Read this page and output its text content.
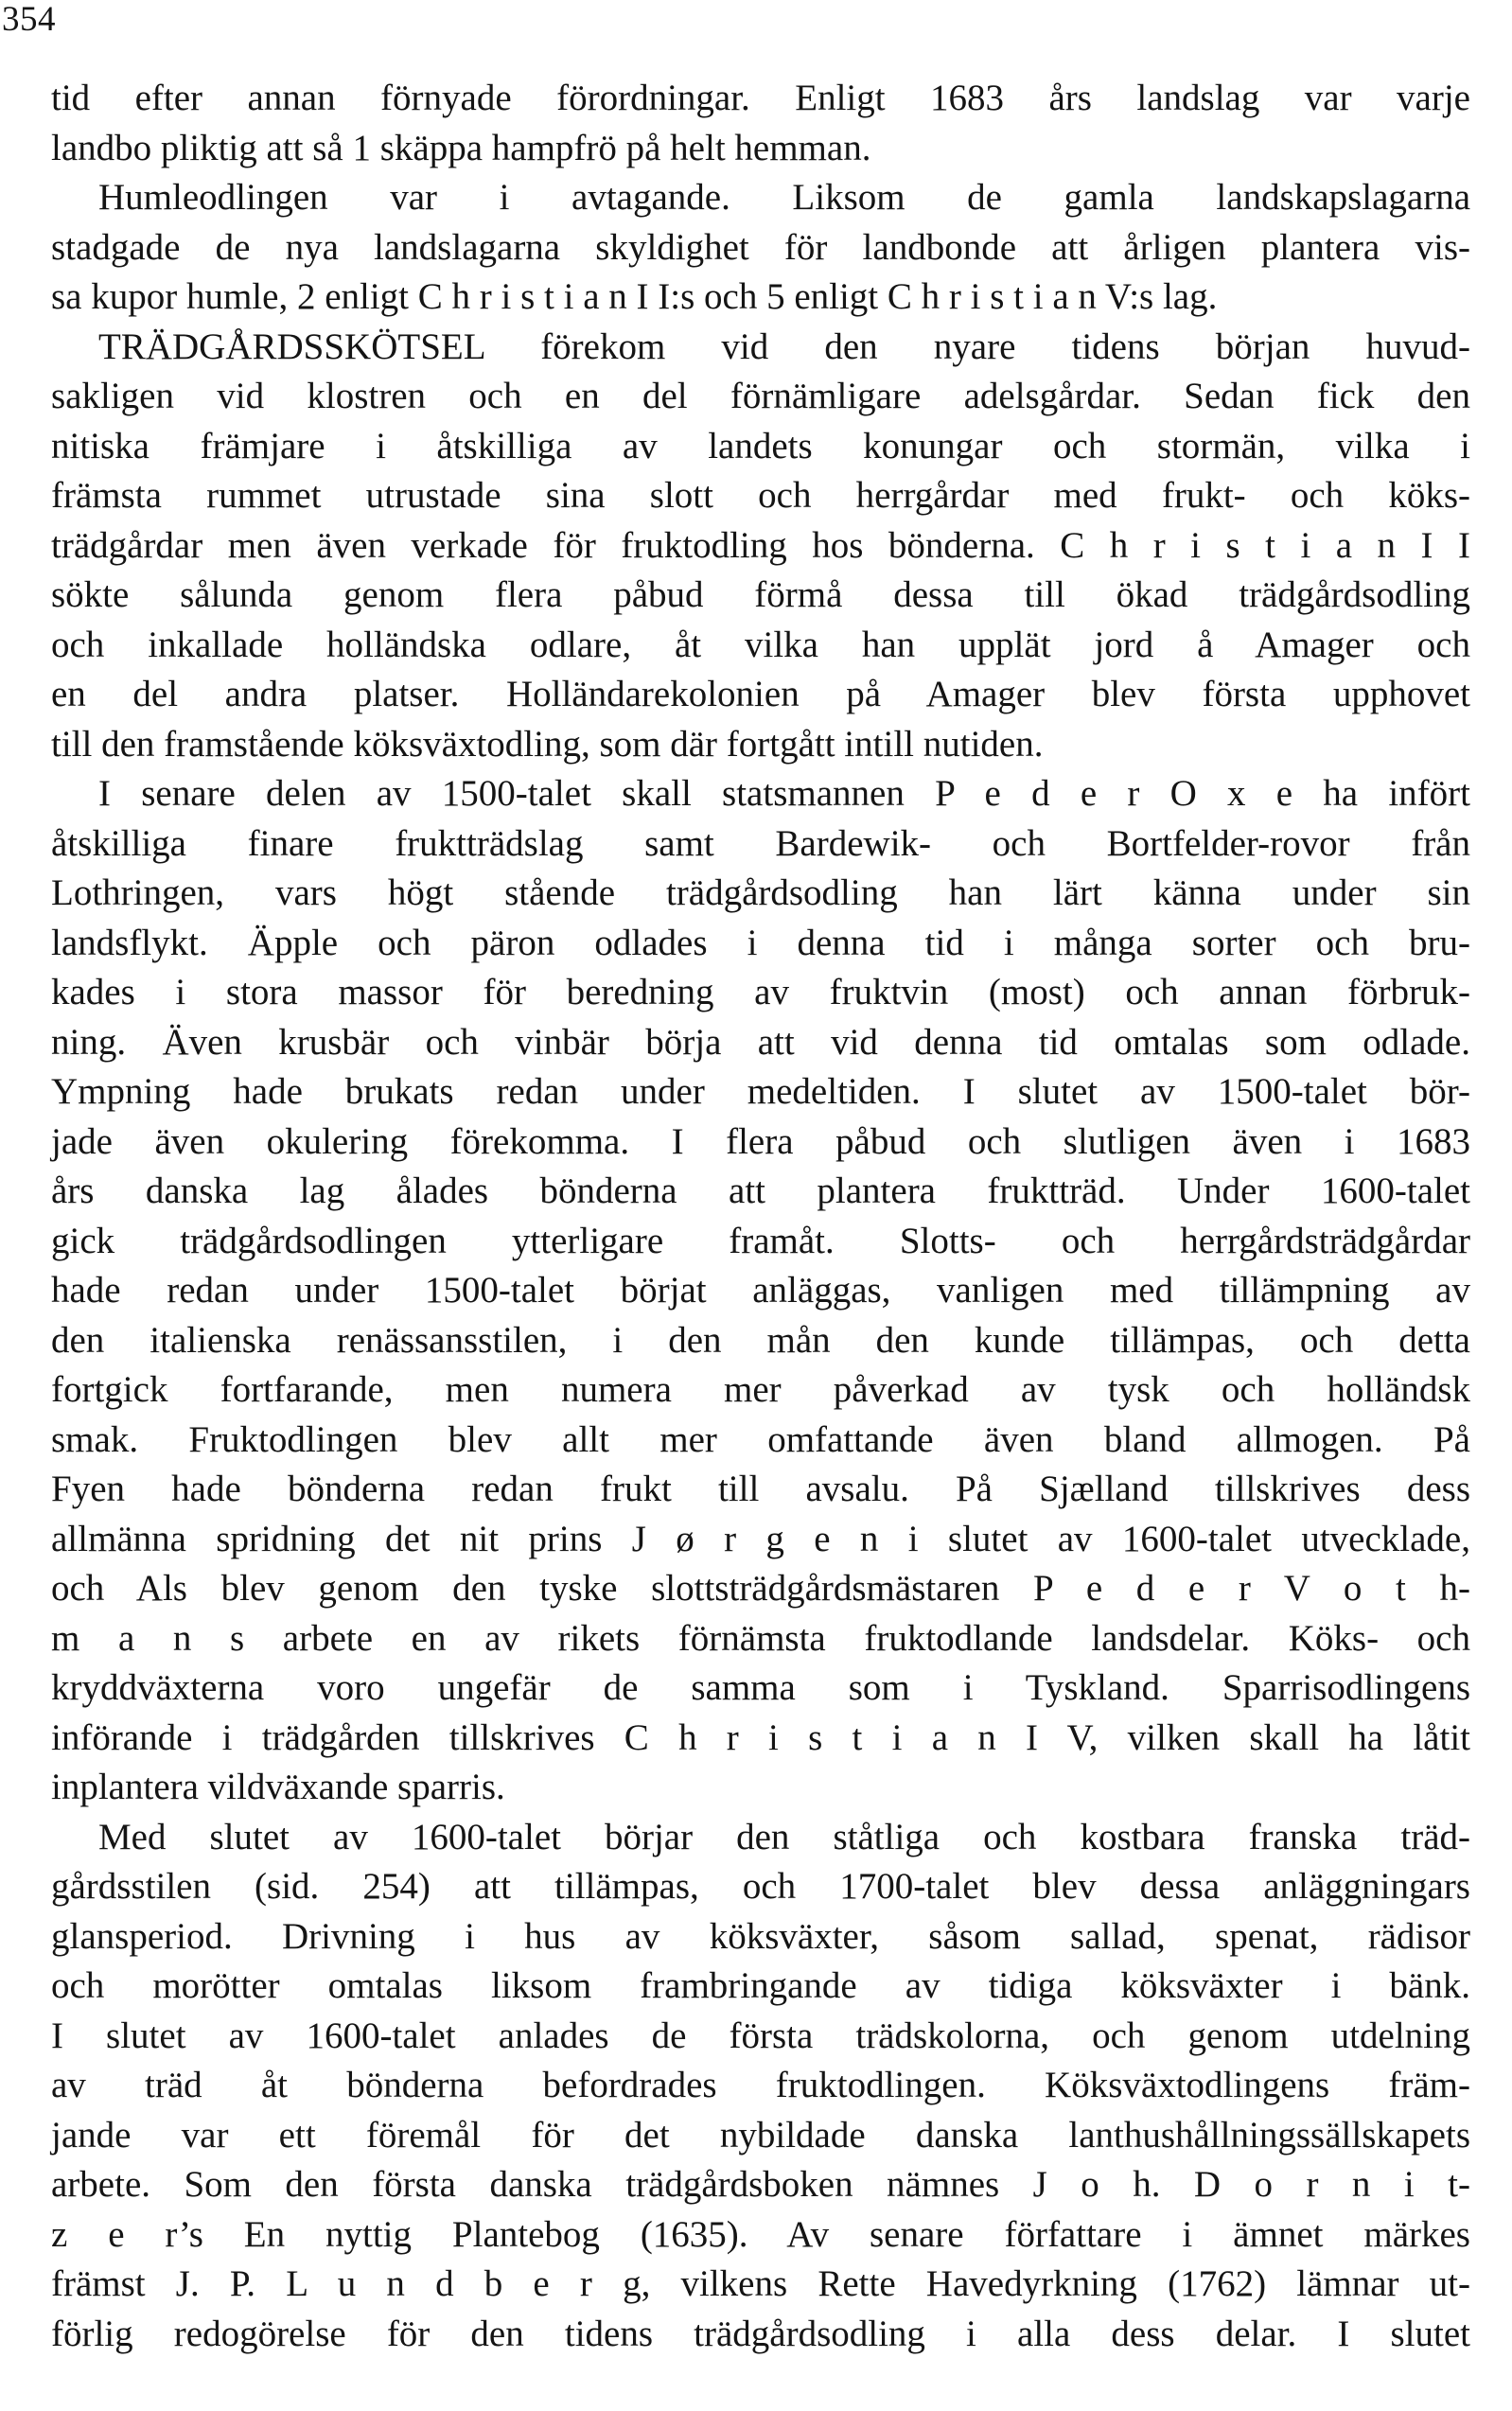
354
tid efter annan förnyade förordningar. Enligt 1683 års landslag var varje
landbo pliktig att så 1 skäppa hampfrö på helt hemman.
Humleodlingen var i avtagande. Liksom de gamla landskapslagarna
stadgade de nya landslagarna skyldighet för landbonde att årligen plantera vis-
sa kupor humle, 2 enligt C h r i s t i a n I I:s och 5 enligt C h r i s t i a n V:s lag.
TRÄDGÅRDSSKÖTSEL förekom vid den nyare tidens början huvud-
sakligen vid klostren och en del förnämligare adelsgårdar. Sedan fick den
nitiska främjare i åtskilliga av landets konungar och stormän, vilka i
främsta rummet utrustade sina slott och herrgårdar med frukt- och köks-
trädgårdar men även verkade för fruktodling hos bönderna. C h r i s t i a n I I
sökte sålunda genom flera påbud förmå dessa till ökad trädgårdsodling
och inkallade holländska odlare, åt vilka han upplät jord å Amager och
en del andra platser. Holländarekolonien på Amager blev första upphovet
till den framstående köksväxtodling, som där fortgått intill nutiden.
I senare delen av 1500-talet skall statsmannen P e d e r O x e ha infört
åtskilliga finare fruktträdslag samt Bardewik- och Bortfelder-rovor från
Lothringen, vars högt stående trädgårdsodling han lärt känna under sin
landsflykt. Äpple och päron odlades i denna tid i många sorter och bru-
kades i stora massor för beredning av fruktvin (most) och annan förbruk-
ning. Även krusbär och vinbär börja att vid denna tid omtalas som odlade.
Ympning hade brukats redan under medeltiden. I slutet av 1500-talet bör-
jade även okulering förekomma. I flera påbud och slutligen även i 1683
års danska lag ålades bönderna att plantera fruktträd. Under 1600-talet
gick trädgårdsodlingen ytterligare framåt. Slotts- och herrgårdsträdgårdar
hade redan under 1500-talet börjat anläggas, vanligen med tillämpning av
den italienska renässansstilen, i den mån den kunde tillämpas, och detta
fortgick fortfarande, men numera mer påverkad av tysk och holländsk
smak. Fruktodlingen blev allt mer omfattande även bland allmogen. På
Fyen hade bönderna redan frukt till avsalu. På Sjælland tillskrives dess
allmänna spridning det nit prins J ø r g e n i slutet av 1600-talet utvecklade,
och Als blev genom den tyske slottsträdgårdsmästaren P e d e r V o t h-
m a n s arbete en av rikets förnämsta fruktodlande landsdelar. Köks- och
kryddväxterna voro ungefär de samma som i Tyskland. Sparrisodlingens
införande i trädgården tillskrives C h r i s t i a n I V, vilken skall ha låtit
inplantera vildväxande sparris.
Med slutet av 1600-talet börjar den ståtliga och kostbara franska träd-
gårdsstilen (sid. 254) att tillämpas, och 1700-talet blev dessa anläggningars
glansperiod. Drivning i hus av köksväxter, såsom sallad, spenat, rädisor
och morötter omtalas liksom frambringande av tidiga köksväxter i bänk.
I slutet av 1600-talet anlades de första trädskolorna, och genom utdelning
av träd åt bönderna befordrades fruktodlingen. Köksväxtodlingens främ-
jande var ett föremål för det nybildade danska lanthushållningssällskapets
arbete. Som den första danska trädgårdsboken nämnes J o h. D o r n i t-
z e r’s En nyttig Plantebog (1635). Av senare författare i ämnet märkes
främst J. P. L u n d b e r g, vilkens Rette Havedyrkning (1762) lämnar ut-
förlig redogörelse för den tidens trädgårdsodling i alla dess delar. I slutet
